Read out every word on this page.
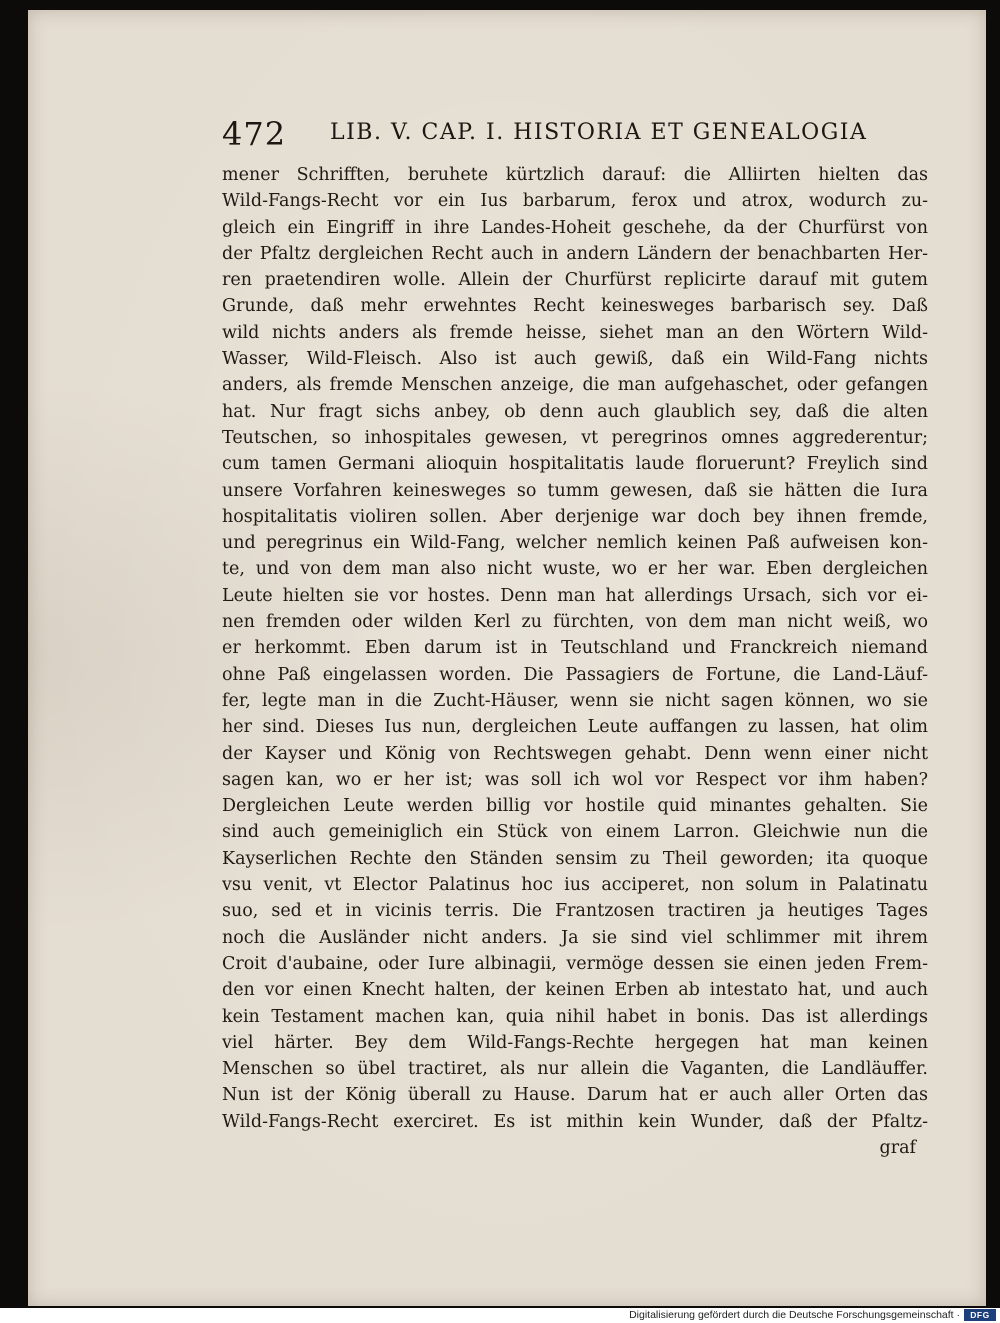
472 LIB. V. CAP. I. HISTORIA ET GENEALOGIA
mener Schrifften, beruhete kürtzlich darauf: die Alliirten hielten das
Wild-Fangs-Recht vor ein Ius barbarum, ferox und atrox, wodurch zu-
gleich ein Eingriff in ihre Landes-Hoheit geschehe, da der Churfürst von
der Pfaltz dergleichen Recht auch in andern Ländern der benachbarten Her-
ren praetendiren wolle. Allein der Churfürst replicirte darauf mit gutem
Grunde, daß mehr erwehntes Recht keinesweges barbarisch sey. Daß
wild nichts anders als fremde heisse, siehet man an den Wörtern Wild-
Wasser, Wild-Fleisch. Also ist auch gewiß, daß ein Wild-Fang nichts
anders, als fremde Menschen anzeige, die man aufgehaschet, oder gefangen
hat. Nur fragt sichs anbey, ob denn auch glaublich sey, daß die alten
Teutschen, so inhospitales gewesen, vt peregrinos omnes aggrederentur;
cum tamen Germani alioquin hospitalitatis laude floruerunt? Freylich sind
unsere Vorfahren keinesweges so tumm gewesen, daß sie hätten die Iura
hospitalitatis violiren sollen. Aber derjenige war doch bey ihnen fremde,
und peregrinus ein Wild-Fang, welcher nemlich keinen Paß aufweisen kon-
te, und von dem man also nicht wuste, wo er her war. Eben dergleichen
Leute hielten sie vor hostes. Denn man hat allerdings Ursach, sich vor ei-
nen fremden oder wilden Kerl zu fürchten, von dem man nicht weiß, wo
er herkommt. Eben darum ist in Teutschland und Franckreich niemand
ohne Paß eingelassen worden. Die Passagiers de Fortune, die Land-Läuf-
fer, legte man in die Zucht-Häuser, wenn sie nicht sagen können, wo sie
her sind. Dieses Ius nun, dergleichen Leute auffangen zu lassen, hat olim
der Kayser und König von Rechtswegen gehabt. Denn wenn einer nicht
sagen kan, wo er her ist; was soll ich wol vor Respect vor ihm haben?
Dergleichen Leute werden billig vor hostile quid minantes gehalten. Sie
sind auch gemeiniglich ein Stück von einem Larron. Gleichwie nun die
Kayserlichen Rechte den Ständen sensim zu Theil geworden; ita quoque
vsu venit, vt Elector Palatinus hoc ius acciperet, non solum in Palatinatu
suo, sed et in vicinis terris. Die Frantzosen tractiren ja heutiges Tages
noch die Ausländer nicht anders. Ja sie sind viel schlimmer mit ihrem
Croit d'aubaine, oder Iure albinagii, vermöge dessen sie einen jeden Frem-
den vor einen Knecht halten, der keinen Erben ab intestato hat, und auch
kein Testament machen kan, quia nihil habet in bonis. Das ist allerdings
viel härter. Bey dem Wild-Fangs-Rechte hergegen hat man keinen
Menschen so übel tractiret, als nur allein die Vaganten, die Landläuffer.
Nun ist der König überall zu Hause. Darum hat er auch aller Orten das
Wild-Fangs-Recht exerciret. Es ist mithin kein Wunder, daß der Pfaltz-
graf
Digitalisierung gefördert durch die Deutsche Forschungsgemeinschaft ·	DFG
